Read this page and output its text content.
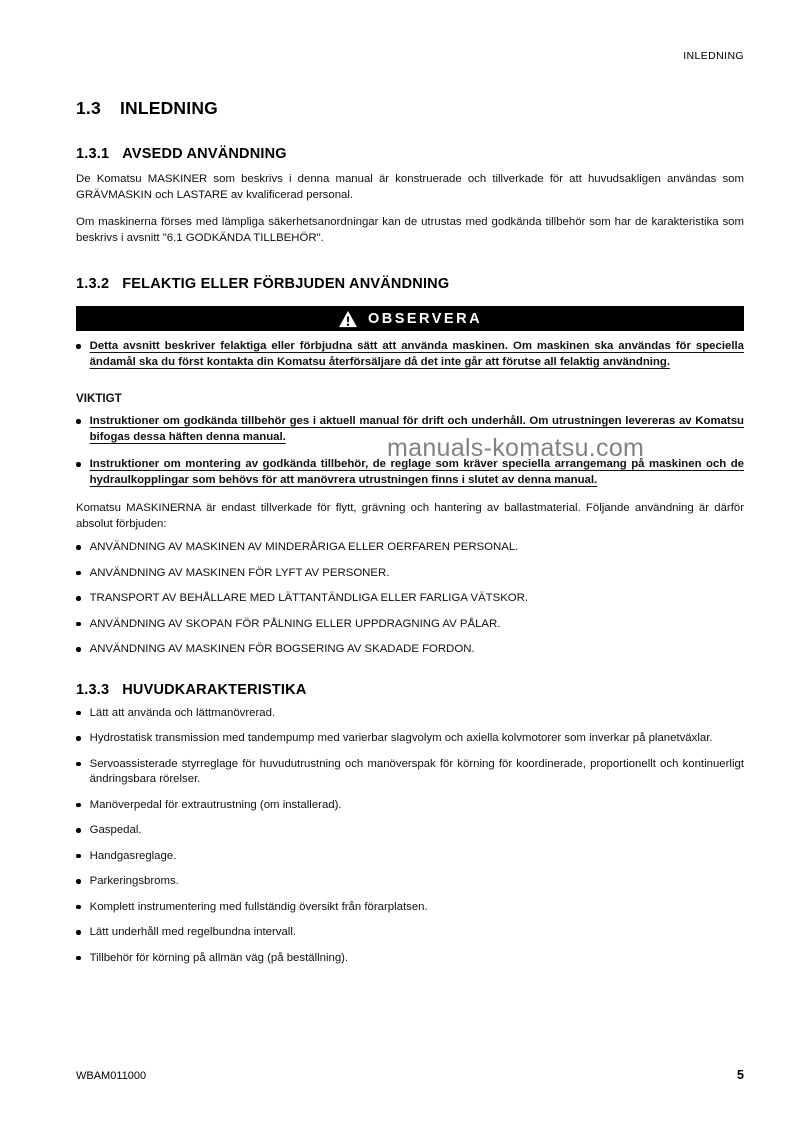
INLEDNING
1.3 INLEDNING
1.3.1 AVSEDD ANVÄNDNING

De Komatsu MASKINER som beskrivs i denna manual är konstruerade och tillverkade för att huvudsakligen användas som GRÄVMASKIN och LASTARE av kvalificerad personal.

Om maskinerna förses med lämpliga säkerhetsanordningar kan de utrustas med godkända tillbehör som har de karakteristika som beskrivs i avsnitt "6.1 GODKÄNDA TILLBEHÖR".

1.3.2 FELAKTIG ELLER FÖRBJUDEN ANVÄNDNING
OBSERVERA
Detta avsnitt beskriver felaktiga eller förbjudna sätt att använda maskinen. Om maskinen ska användas för speciella ändamål ska du först kontakta din Komatsu återförsäljare då det inte går att förutse all felaktig användning.
VIKTIGT
Instruktioner om godkända tillbehör ges i aktuell manual för drift och underhåll. Om utrustningen levereras av Komatsu bifogas dessa häften denna manual.
Instruktioner om montering av godkända tillbehör, de reglage som kräver speciella arrangemang på maskinen och de hydraulkopplingar som behövs för att manövrera utrustningen finns i slutet av denna manual.

Komatsu MASKINERNA är endast tillverkade för flytt, grävning och hantering av ballastmaterial. Följande användning är därför absolut förbjuden:

ANVÄNDNING AV MASKINEN AV MINDERÅRIGA ELLER OERFAREN PERSONAL.
ANVÄNDNING AV MASKINEN FÖR LYFT AV PERSONER.
TRANSPORT AV BEHÅLLARE MED LÄTTANTÄNDLIGA ELLER FARLIGA VÄTSKOR.
ANVÄNDNING AV SKOPAN FÖR PÅLNING ELLER UPPDRAGNING AV PÅLAR.
ANVÄNDNING AV MASKINEN FÖR BOGSERING AV SKADADE FORDON.
1.3.3 HUVUDKARAKTERISTIKA
Lätt att använda och lättmanövrerad.
Hydrostatisk transmission med tandempump med varierbar slagvolym och axiella kolvmotorer som inverkar på planetväxlar.
Servoassisterade styrreglage för huvudutrustning och manöverspak för körning för koordinerade, proportionellt och kontinuerligt ändringsbara rörelser.
Manöverpedal för extrautrustning (om installerad).
Gaspedal.
Handgasreglage.
Parkeringsbroms.
Komplett instrumentering med fullständig översikt från förarplatsen.
Lätt underhåll med regelbundna intervall.
Tillbehör för körning på allmän väg (på beställning).
manuals-komatsu.com
WBAM011000	5
